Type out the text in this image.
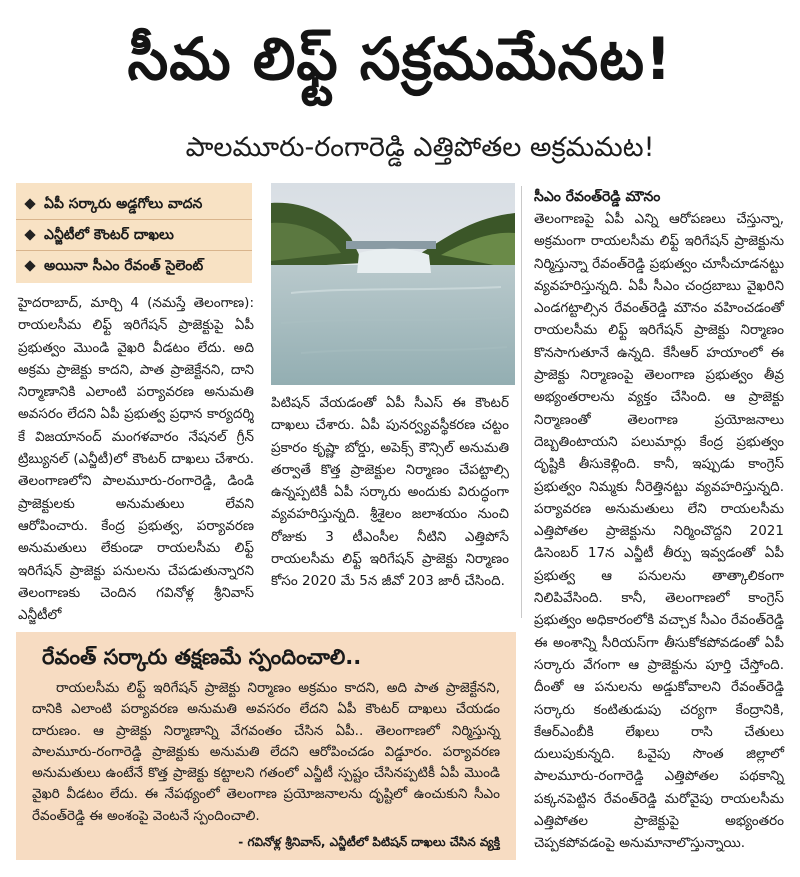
సీమ లిఫ్ట్ సక్రమమేనట!
పాలమూరు-రంగారెడ్డి ఎత్తిపోతల అక్రమమట!
ఏపీ సర్కారు అడ్డగోలు వాదన
ఎన్జీటీలో కౌంటర్ దాఖలు
అయినా సీఎం రేవంత్ సైలెంట్

హైదరాబాద్, మార్చి 4 (నమస్తే తెలంగాణ): రాయలసీమ లిఫ్ట్ ఇరిగేషన్ ప్రాజెక్టుపై ఏపీ ప్రభుత్వం మొండి వైఖరి వీడటం లేదు. అది అక్రమ ప్రాజెక్టు కాదని, పాత ప్రాజెక్టేనని, దాని నిర్మాణానికి ఎలాంటి పర్యావరణ అనుమతి అవసరం లేదని ఏపీ ప్రభుత్వ ప్రధాన కార్యదర్శి కే విజయానంద్ మంగళవారం నేషనల్ గ్రీన్ ట్రిబ్యునల్ (ఎన్జీటీ)లో కౌంటర్ దాఖలు చేశారు. తెలంగాణలోని పాలమూరు-రంగారెడ్డి, డిండి ప్రాజెక్టులకు అనుమతులు లేవని ఆరోపించారు. కేంద్ర ప్రభుత్వ, పర్యావరణ అనుమతులు లేకుండా రాయలసీమ లిఫ్ట్ ఇరిగేషన్ ప్రాజెక్టు పనులను చేపడుతున్నారని తెలంగాణకు చెందిన గవినోళ్ల శ్రీనివాస్ ఎన్జీటీలో

పిటిషన్ వేయడంతో ఏపీ సీఎస్ ఈ కౌంటర్ దాఖలు చేశారు. ఏపీ పునర్వ్యవస్థీకరణ చట్టం ప్రకారం కృష్ణా బోర్డు, అపెక్స్ కౌన్సిల్ అనుమతి తర్వాతే కొత్త ప్రాజెక్టుల నిర్మాణం చేపట్టాల్సి ఉన్నప్పటికీ ఏపీ సర్కారు అందుకు విరుద్ధంగా వ్యవహరిస్తున్నది. శ్రీశైలం జలాశయం నుంచి రోజుకు 3 టీఎంసీల నీటిని ఎత్తిపోసే రాయలసీమ లిఫ్ట్ ఇరిగేషన్ ప్రాజెక్టు నిర్మాణం కోసం 2020 మే 5న జీవో 203 జారీ చేసింది.

సీఎం రేవంత్‌రెడ్డి మౌనం

తెలంగాణపై ఏపీ ఎన్ని ఆరోపణలు చేస్తున్నా, అక్రమంగా రాయలసీమ లిఫ్ట్ ఇరిగేషన్ ప్రాజెక్టును నిర్మిస్తున్నా రేవంత్‌రెడ్డి ప్రభుత్వం చూసీచూడనట్టు వ్యవహరిస్తున్నది. ఏపీ సీఎం చంద్రబాబు వైఖరిని ఎండగట్టాల్సిన రేవంత్‌రెడ్డి మౌనం వహించడంతో రాయలసీమ లిఫ్ట్ ఇరిగేషన్ ప్రాజెక్టు నిర్మాణం కొనసాగుతూనే ఉన్నది. కేసీఆర్ హయాంలో ఈ ప్రాజెక్టు నిర్మాణంపై తెలంగాణ ప్రభుత్వం తీవ్ర అభ్యంతరాలను వ్యక్తం చేసింది. ఆ ప్రాజెక్టు నిర్మాణంతో తెలంగాణ ప్రయోజనాలు దెబ్బతింటాయని పలుమార్లు కేంద్ర ప్రభుత్వం దృష్టికి తీసుకెళ్లింది. కానీ, ఇప్పుడు కాంగ్రెస్ ప్రభుత్వం నిమ్మకు నీరెత్తినట్టు వ్యవహరిస్తున్నది. పర్యావరణ అనుమతులు లేని రాయలసీమ ఎత్తిపోతల ప్రాజెక్టును నిర్మించొద్దని 2021 డిసెంబర్ 17న ఎన్జీటీ తీర్పు ఇవ్వడంతో ఏపీ ప్రభుత్వ ఆ పనులను తాత్కాలికంగా నిలిపివేసింది. కానీ, తెలంగాణలో కాంగ్రెస్ ప్రభుత్వం అధికారంలోకి వచ్చాక సీఎం రేవంత్‌రెడ్డి ఈ అంశాన్ని సీరియస్‌గా తీసుకోకపోవడంతో ఏపీ సర్కారు వేగంగా ఆ ప్రాజెక్టును పూర్తి చేస్తోంది. దీంతో ఆ పనులను అడ్డుకోవాలని రేవంత్‌రెడ్డి సర్కారు కంటితుడుపు చర్యగా కేంద్రానికి, కేఆర్ఎంబీకి లేఖలు రాసి చేతులు దులుపుకున్నది. ఓవైపు సొంత జిల్లాలో పాలమూరు-రంగారెడ్డి ఎత్తిపోతల పథకాన్ని పక్కనపెట్టిన రేవంత్‌రెడ్డి మరోవైపు రాయలసీమ ఎత్తిపోతల ప్రాజెక్టుపై అభ్యంతరం చెప్పకపోవడంపై అనుమానాలొస్తున్నాయి.

రేవంత్ సర్కారు తక్షణమే స్పందించాలి..
రాయలసీమ లిఫ్ట్ ఇరిగేషన్ ప్రాజెక్టు నిర్మాణం అక్రమం కాదని, అది పాత ప్రాజెక్టేనని, దానికి ఎలాంటి పర్యావరణ అనుమతి అవసరం లేదని ఏపీ కౌంటర్ దాఖలు చేయడం దారుణం. ఆ ప్రాజెక్టు నిర్మాణాన్ని వేగవంతం చేసిన ఏపీ.. తెలంగాణలో నిర్మిస్తున్న పాలమూరు-రంగారెడ్డి ప్రాజెక్టుకు అనుమతి లేదని ఆరోపించడం విడ్డూరం. పర్యావరణ అనుమతులు ఉంటేనే కొత్త ప్రాజెక్టు కట్టాలని గతంలో ఎన్జీటీ స్పష్టం చేసినప్పటికీ ఏపీ మొండి వైఖరి వీడటం లేదు. ఈ నేపథ్యంలో తెలంగాణ ప్రయోజనాలను దృష్టిలో ఉంచుకుని సీఎం రేవంత్‌రెడ్డి ఈ అంశంపై వెంటనే స్పందించాలి.
- గవినోళ్ల శ్రీనివాస్, ఎన్జీటీలో పిటిషన్ దాఖలు చేసిన వ్యక్తి
